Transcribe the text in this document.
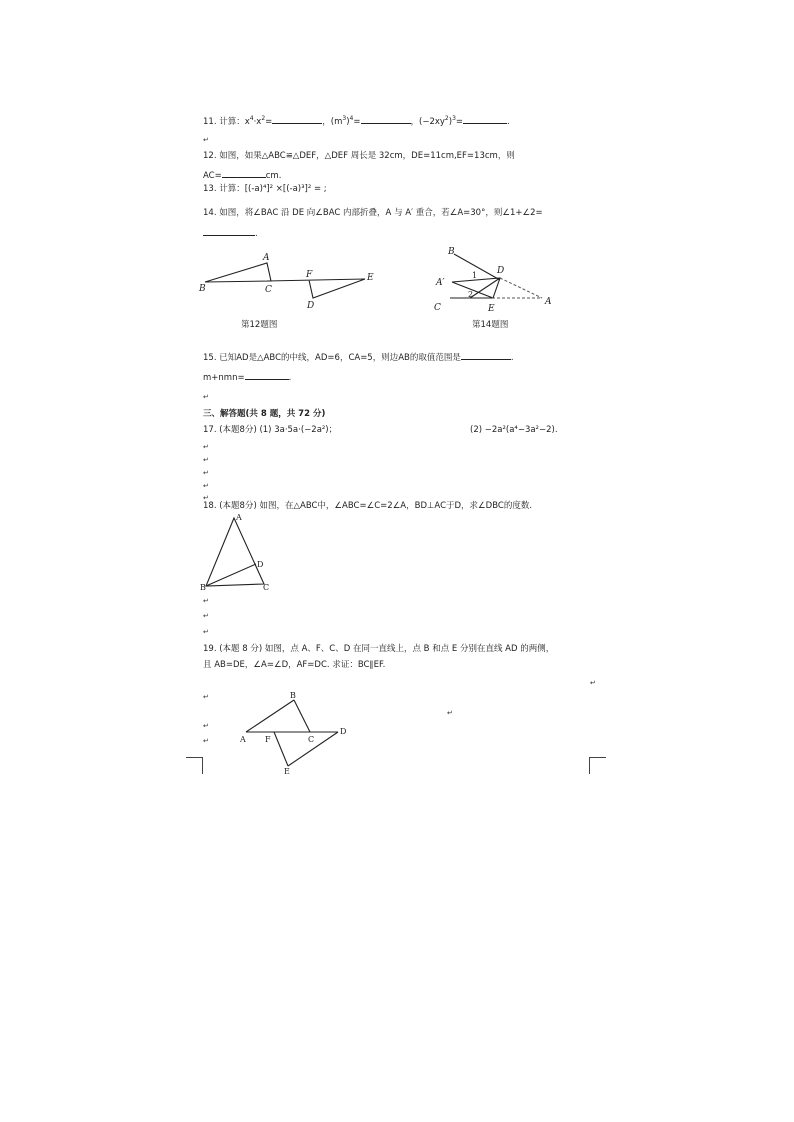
11. 计算：$x^4\cdot x^2=$	，$(m^3)^4=$	，$(-2xy^2)^3=$	.
↵
12. 如图，如果△ABC≌△DEF，△DEF 周长是 32cm，DE=11cm,EF=13cm，则
AC=	cm.
13. 计算：[(-a)⁴]² ×[(-a)³]² = ;
14. 如图，将∠BAC 沿 DE 向∠BAC 内部折叠，A 与 A′ 重合，若∠A=30°，则∠1+∠2=
.
A
B	C
F	E
D
第12题图
B
D
A′
1
2
C	E
A
第14题图
15. 已知AD是△ABC的中线，AD=6，CA=5，则边AB的取值范围是	.
m+nmn=	.
↵
三、解答题(共 8 题，共 72 分)
17. (本题8分) (1) 3a·5a·(−2a²)；	(2) −2a²(a⁴−3a²−2).
↵
↵
↵
↵
↵
18. (本题8分) 如图，在△ABC中，∠ABC=∠C=2∠A，BD⊥AC于D，求∠DBC的度数.
A
D
B	C
↵
↵
↵
19. (本题 8 分) 如图，点 A、F、C、D 在同一直线上，点 B 和点 E 分别在直线 AD 的两侧，
且 AB=DE，∠A=∠D，AF=DC. 求证：BC∥EF.
↵
↵
↵
↵
↵
B
A F	C
D
E
